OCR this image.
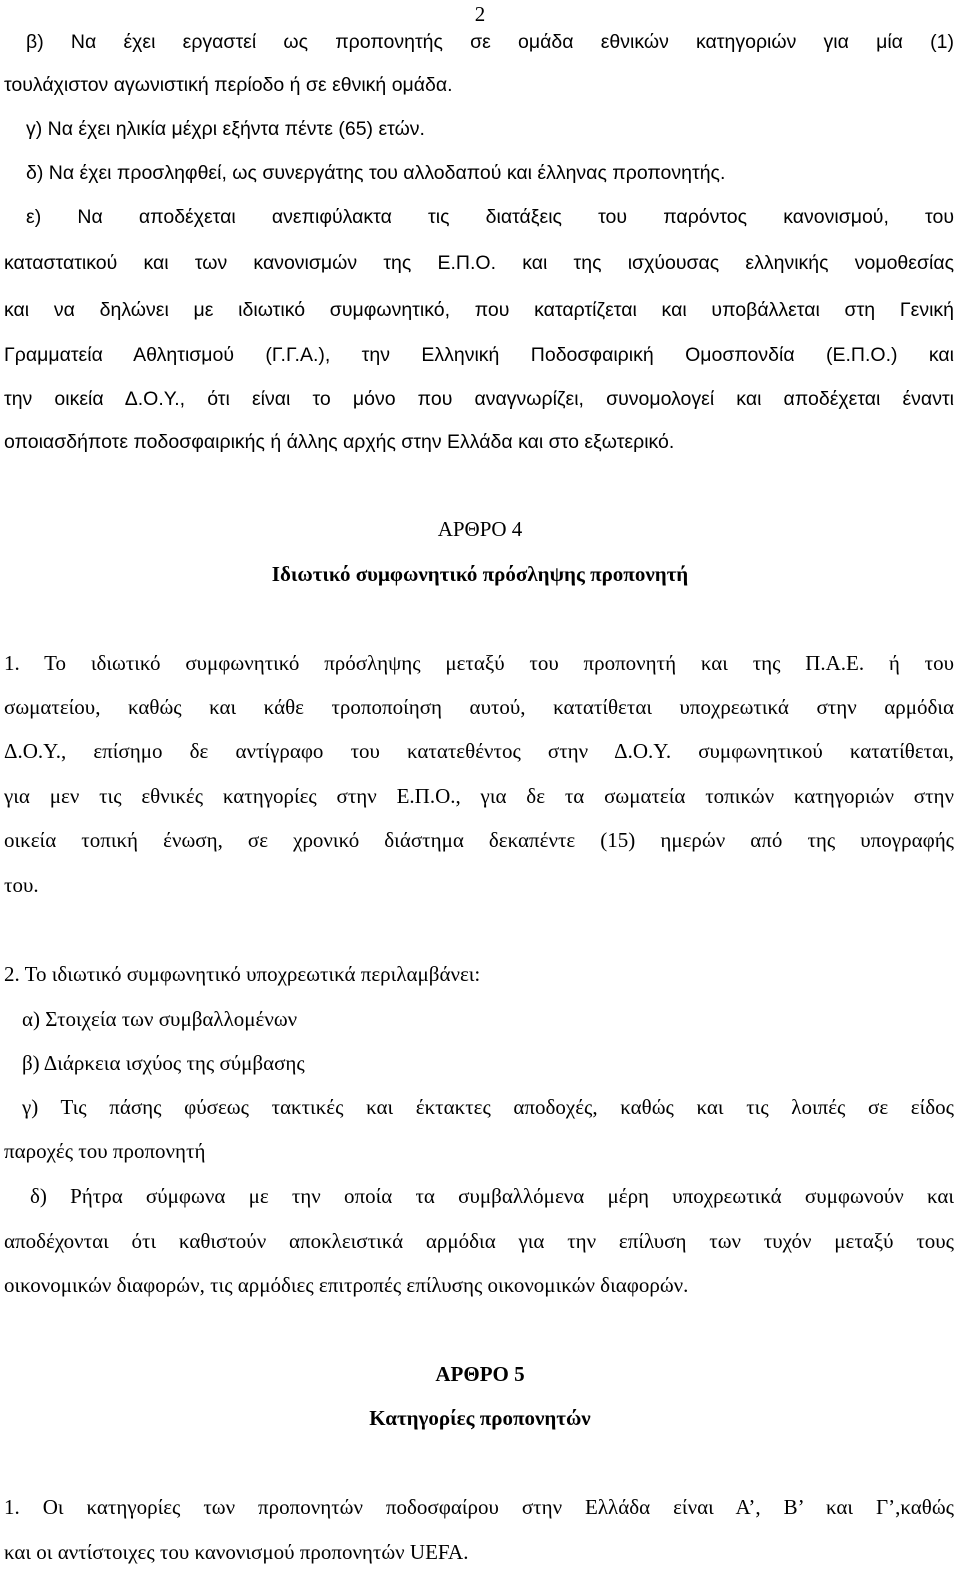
2
β) Να έχει εργαστεί ως προπονητής σε ομάδα εθνικών κατηγοριών για μία (1)
τουλάχιστον αγωνιστική περίοδο ή σε εθνική ομάδα.
γ) Να έχει ηλικία μέχρι εξήντα πέντε (65) ετών.
δ) Να έχει προσληφθεί, ως συνεργάτης του αλλοδαπού και έλληνας προπονητής.
ε) Να αποδέχεται ανεπιφύλακτα τις διατάξεις του παρόντος κανονισμού, του
καταστατικού και των κανονισμών της Ε.Π.Ο. και της ισχύουσας ελληνικής νομοθεσίας
και να δηλώνει με ιδιωτικό συμφωνητικό, που καταρτίζεται και υποβάλλεται στη Γενική
Γραμματεία Αθλητισμού (Γ.Γ.Α.), την Ελληνική Ποδοσφαιρική Ομοσπονδία (Ε.Π.Ο.) και
την οικεία Δ.Ο.Υ., ότι είναι το μόνο που αναγνωρίζει, συνομολογεί και αποδέχεται έναντι
οποιασδήποτε ποδοσφαιρικής ή άλλης αρχής στην Ελλάδα και στο εξωτερικό.
ΑΡΘΡΟ 4
Ιδιωτικό συμφωνητικό πρόσληψης προπονητή
1. Το ιδιωτικό συμφωνητικό πρόσληψης μεταξύ του προπονητή και της Π.Α.Ε. ή του
σωματείου, καθώς και κάθε τροποποίηση αυτού, κατατίθεται υποχρεωτικά στην αρμόδια
Δ.Ο.Υ., επίσημο δε αντίγραφο του κατατεθέντος στην Δ.Ο.Υ. συμφωνητικού κατατίθεται,
για μεν τις εθνικές κατηγορίες στην Ε.Π.Ο., για δε τα σωματεία τοπικών κατηγοριών στην
οικεία τοπική ένωση, σε χρονικό διάστημα δεκαπέντε (15) ημερών από της υπογραφής
του.
2. Το ιδιωτικό συμφωνητικό υποχρεωτικά περιλαμβάνει:
α) Στοιχεία των συμβαλλομένων
β) Διάρκεια ισχύος της σύμβασης
γ) Τις πάσης φύσεως τακτικές και έκτακτες αποδοχές, καθώς και τις λοιπές σε είδος
παροχές του προπονητή
δ) Ρήτρα σύμφωνα με την οποία τα συμβαλλόμενα μέρη υποχρεωτικά συμφωνούν και
αποδέχονται ότι καθιστούν αποκλειστικά αρμόδια για την επίλυση των τυχόν μεταξύ τους
οικονομικών διαφορών, τις αρμόδιες επιτροπές επίλυσης οικονομικών διαφορών.
ΑΡΘΡΟ 5
Κατηγορίες προπονητών
1. Οι κατηγορίες των προπονητών ποδοσφαίρου στην Ελλάδα είναι Α’, Β’ και Γ’,καθώς
και οι αντίστοιχες του κανονισμού προπονητών UEFA.
